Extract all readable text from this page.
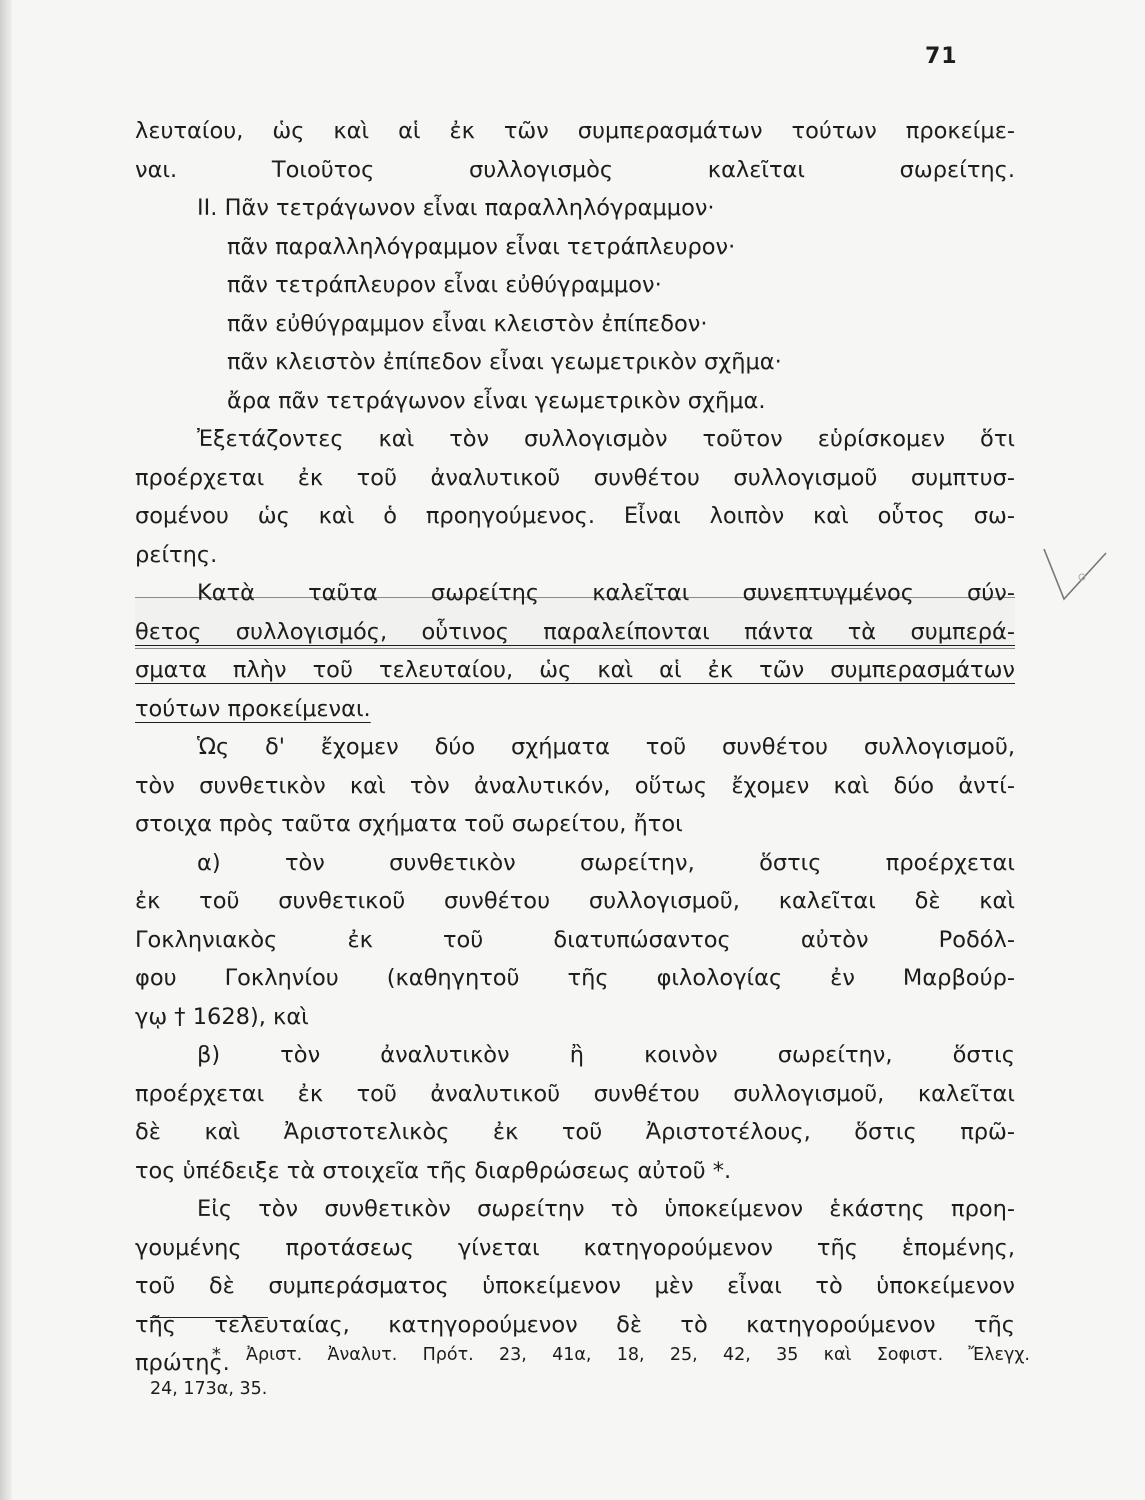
71
λευταίου, ὡς καὶ αἱ ἐκ τῶν συμπερασμάτων τούτων προκείμε-
ναι. Τοιοῦτος συλλογισμὸς καλεῖται σωρείτης.
ΙΙ. Πᾶν τετράγωνον εἶναι παραλληλόγραμμον·
πᾶν παραλληλόγραμμον εἶναι τετράπλευρον·
πᾶν τετράπλευρον εἶναι εὐθύγραμμον·
πᾶν εὐθύγραμμον εἶναι κλειστὸν ἐπίπεδον·
πᾶν κλειστὸν ἐπίπεδον εἶναι γεωμετρικὸν σχῆμα·
ἄρα πᾶν τετράγωνον εἶναι γεωμετρικὸν σχῆμα.
Ἐξετάζοντες καὶ τὸν συλλογισμὸν τοῦτον εὑρίσκομεν ὅτι
προέρχεται ἐκ τοῦ ἀναλυτικοῦ συνθέτου συλλογισμοῦ συμπτυσ-
σομένου ὡς καὶ ὁ προηγούμενος. Εἶναι λοιπὸν καὶ οὗτος σω-
ρείτης.
Κατὰ ταῦτα σωρείτης καλεῖται συνεπτυγμένος σύν-
θετος συλλογισμός, οὗτινος παραλείπονται πάντα τὰ συμπερά-
σματα πλὴν τοῦ τελευταίου, ὡς καὶ αἱ ἐκ τῶν συμπερασμάτων
τούτων προκείμεναι.
Ὡς δ' ἔχομεν δύο σχήματα τοῦ συνθέτου συλλογισμοῦ,
τὸν συνθετικὸν καὶ τὸν ἀναλυτικόν, οὕτως ἔχομεν καὶ δύο ἀντί-
στοιχα πρὸς ταῦτα σχήματα τοῦ σωρείτου, ἤτοι
α) τὸν συνθετικὸν σωρείτην, ὅστις προέρχεται
ἐκ τοῦ συνθετικοῦ συνθέτου συλλογισμοῦ, καλεῖται δὲ καὶ
Γοκληνιακὸς ἐκ τοῦ διατυπώσαντος αὐτὸν Ροδόλ-
φου Γοκληνίου (καθηγητοῦ τῆς φιλολογίας ἐν Μαρβούρ-
γῳ † 1628), καὶ
β) τὸν ἀναλυτικὸν ἢ κοινὸν σωρείτην, ὅστις
προέρχεται ἐκ τοῦ ἀναλυτικοῦ συνθέτου συλλογισμοῦ, καλεῖται
δὲ καὶ Ἀριστοτελικὸς ἐκ τοῦ Ἀριστοτέλους, ὅστις πρῶ-
τος ὑπέδειξε τὰ στοιχεῖα τῆς διαρθρώσεως αὐτοῦ *.
Εἰς τὸν συνθετικὸν σωρείτην τὸ ὑποκείμενον ἑκάστης προη-
γουμένης προτάσεως γίνεται κατηγορούμενον τῆς ἑπομένης,
τοῦ δὲ συμπεράσματος ὑποκείμενον μὲν εἶναι τὸ ὑποκείμενον
τῆς τελευταίας, κατηγορούμενον δὲ τὸ κατηγορούμενον τῆς
πρώτης.
* Ἀριστ. Ἀναλυτ. Πρότ. 23, 41α, 18, 25, 42, 35 καὶ Σοφιστ. Ἔλεγχ.
24, 173α, 35.
